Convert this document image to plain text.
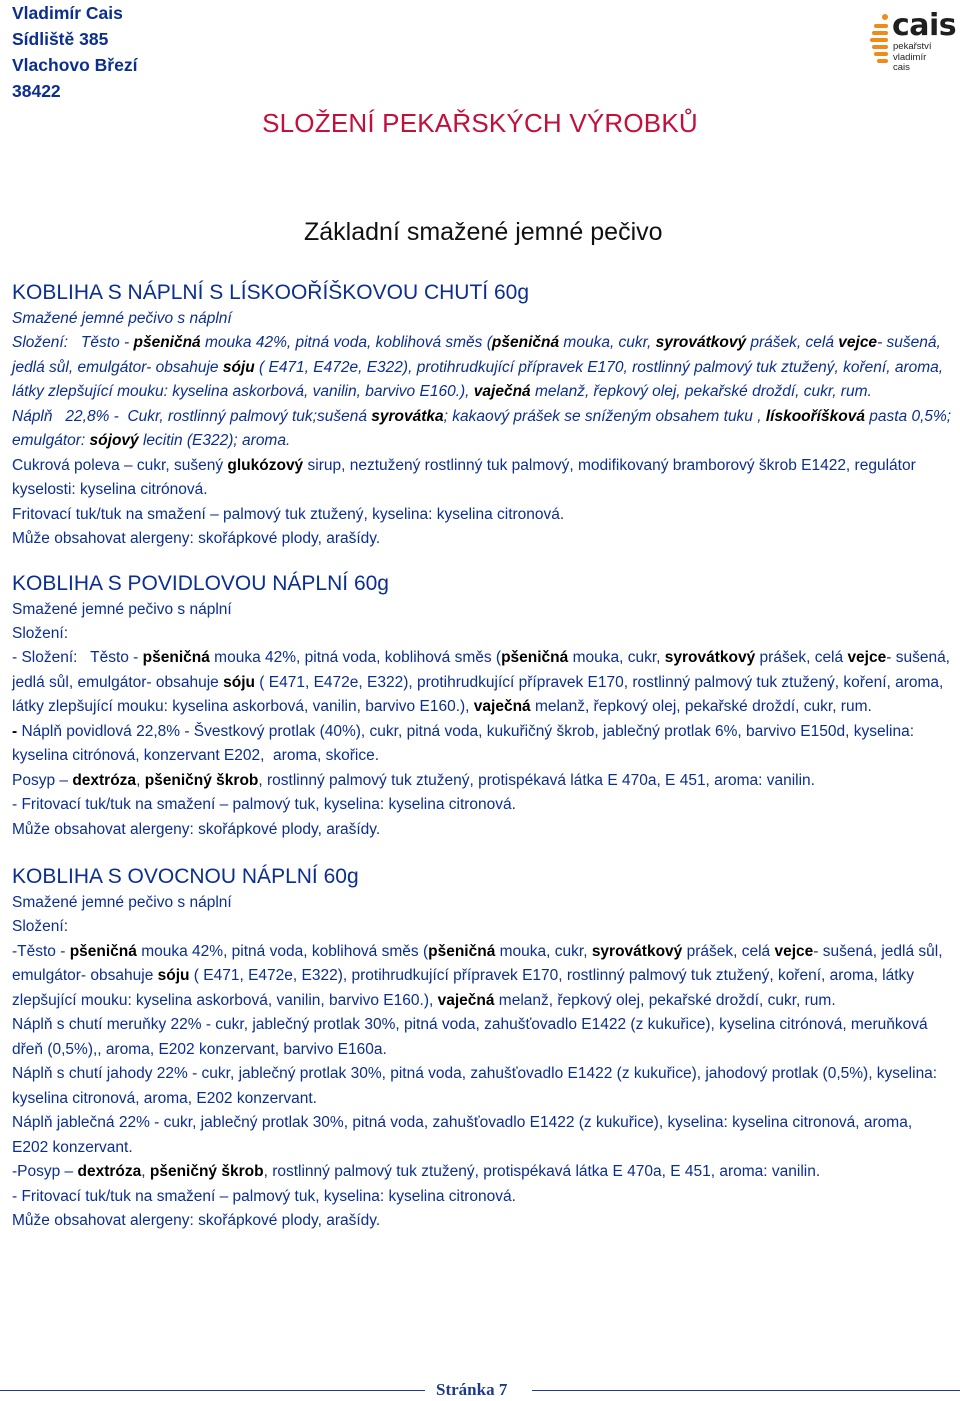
Vladimír Cais
Sídliště 385
Vlachovo Březí
38422
cais
pekařství
vladimír
cais
SLOŽENÍ PEKAŘSKÝCH VÝROBKŮ
Základní smažené jemné pečivo

KOBLIHA S NÁPLNÍ S LÍSKOOŘÍŠKOVOU CHUTÍ 60g

Smažené jemné pečivo s náplní

Složení:   Těsto - pšeničná mouka 42%, pitná voda, koblihová směs (pšeničná mouka, cukr, syrovátkový prášek, celá vejce- sušená, jedlá sůl, emulgátor- obsahuje sóju ( E471, E472e, E322), protihrudkující přípravek E170, rostlinný palmový tuk ztužený, koření, aroma, látky zlepšující mouku: kyselina askorbová, vanilin, barvivo E160.), vaječná melanž, řepkový olej, pekařské droždí, cukr, rum.

Náplň   22,8% -  Cukr, rostlinný palmový tuk;sušená syrovátka; kakaový prášek se sníženým obsahem tuku , lískooříšková pasta 0,5%; emulgátor: sójový lecitin (E322); aroma.

Cukrová poleva – cukr, sušený glukózový sirup, neztužený rostlinný tuk palmový, modifikovaný bramborový škrob E1422, regulátor kyselosti: kyselina citrónová.

Fritovací tuk/tuk na smažení – palmový tuk ztužený, kyselina: kyselina citronová.

Může obsahovat alergeny: skořápkové plody, arašídy.

KOBLIHA S POVIDLOVOU NÁPLNÍ 60g

Smažené jemné pečivo s náplní

Složení:

- Složení:   Těsto - pšeničná mouka 42%, pitná voda, koblihová směs (pšeničná mouka, cukr, syrovátkový prášek, celá vejce- sušená, jedlá sůl, emulgátor- obsahuje sóju ( E471, E472e, E322), protihrudkující přípravek E170, rostlinný palmový tuk ztužený, koření, aroma, látky zlepšující mouku: kyselina askorbová, vanilin, barvivo E160.), vaječná melanž, řepkový olej, pekařské droždí, cukr, rum.

- Náplň povidlová 22,8% - Švestkový protlak (40%), cukr, pitná voda, kukuřičný škrob, jablečný protlak 6%, barvivo E150d, kyselina: kyselina citrónová, konzervant E202,  aroma, skořice.

Posyp – dextróza, pšeničný škrob, rostlinný palmový tuk ztužený, protispékavá látka E 470a, E 451, aroma: vanilin.

- Fritovací tuk/tuk na smažení – palmový tuk, kyselina: kyselina citronová.

Může obsahovat alergeny: skořápkové plody, arašídy.

KOBLIHA S OVOCNOU NÁPLNÍ 60g

Smažené jemné pečivo s náplní

Složení:

-Těsto - pšeničná mouka 42%, pitná voda, koblihová směs (pšeničná mouka, cukr, syrovátkový prášek, celá vejce- sušená, jedlá sůl, emulgátor- obsahuje sóju ( E471, E472e, E322), protihrudkující přípravek E170, rostlinný palmový tuk ztužený, koření, aroma, látky zlepšující mouku: kyselina askorbová, vanilin, barvivo E160.), vaječná melanž, řepkový olej, pekařské droždí, cukr, rum.

Náplň s chutí meruňky 22% - cukr, jablečný protlak 30%, pitná voda, zahušťovadlo E1422 (z kukuřice), kyselina citrónová, meruňková dřeň (0,5%),, aroma, E202 konzervant, barvivo E160a.

Náplň s chutí jahody 22% - cukr, jablečný protlak 30%, pitná voda, zahušťovadlo E1422 (z kukuřice), jahodový protlak (0,5%), kyselina: kyselina citronová, aroma, E202 konzervant.

Náplň jablečná 22% - cukr, jablečný protlak 30%, pitná voda, zahušťovadlo E1422 (z kukuřice), kyselina: kyselina citronová, aroma, E202 konzervant.

-Posyp – dextróza, pšeničný škrob, rostlinný palmový tuk ztužený, protispékavá látka E 470a, E 451, aroma: vanilin.

- Fritovací tuk/tuk na smažení – palmový tuk, kyselina: kyselina citronová.

Může obsahovat alergeny: skořápkové plody, arašídy.

Stránka 7
